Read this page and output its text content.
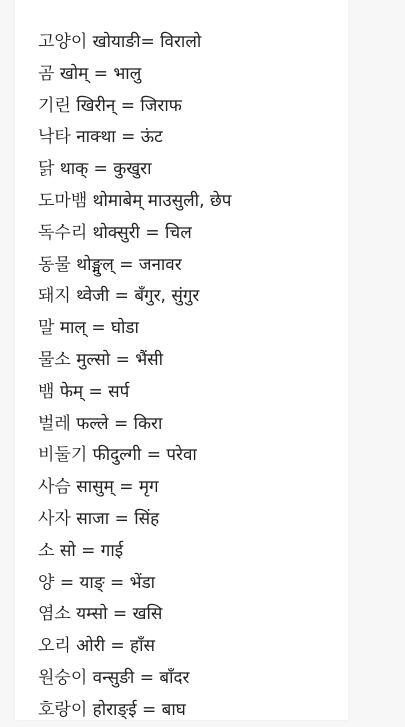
고양이 खोयाङी= विरालो
곰 खोम् = भालु
기린 खिरीन् = जिराफ
낙타 नाक्था = ऊंट
닭 थाक् = कुखुरा
도마뱀 थोमाबेम् माउसुली, छेप
독수리 थोक्सुरी = चिल
동물 थोङ्मुल् = जनावर
돼지 थ्वेजी = बँगुर, सुंगुर
말 माल् = घोडा
물소 मुल्सो = भैंसी
뱀 फेम् = सर्प
벌레 फल्ले = किरा
비둘기 फीदुल्गी = परेवा
사슴 सासुम् = मृग
사자 साजा = सिंह
소 सो = गाई
양 = याङ् = भेंडा
염소 यम्सो = खसि
오리 ओरी = हाँस
원숭이 वन्सुङी = बाँदर
호랑이 होराङ्ई = बाघ
